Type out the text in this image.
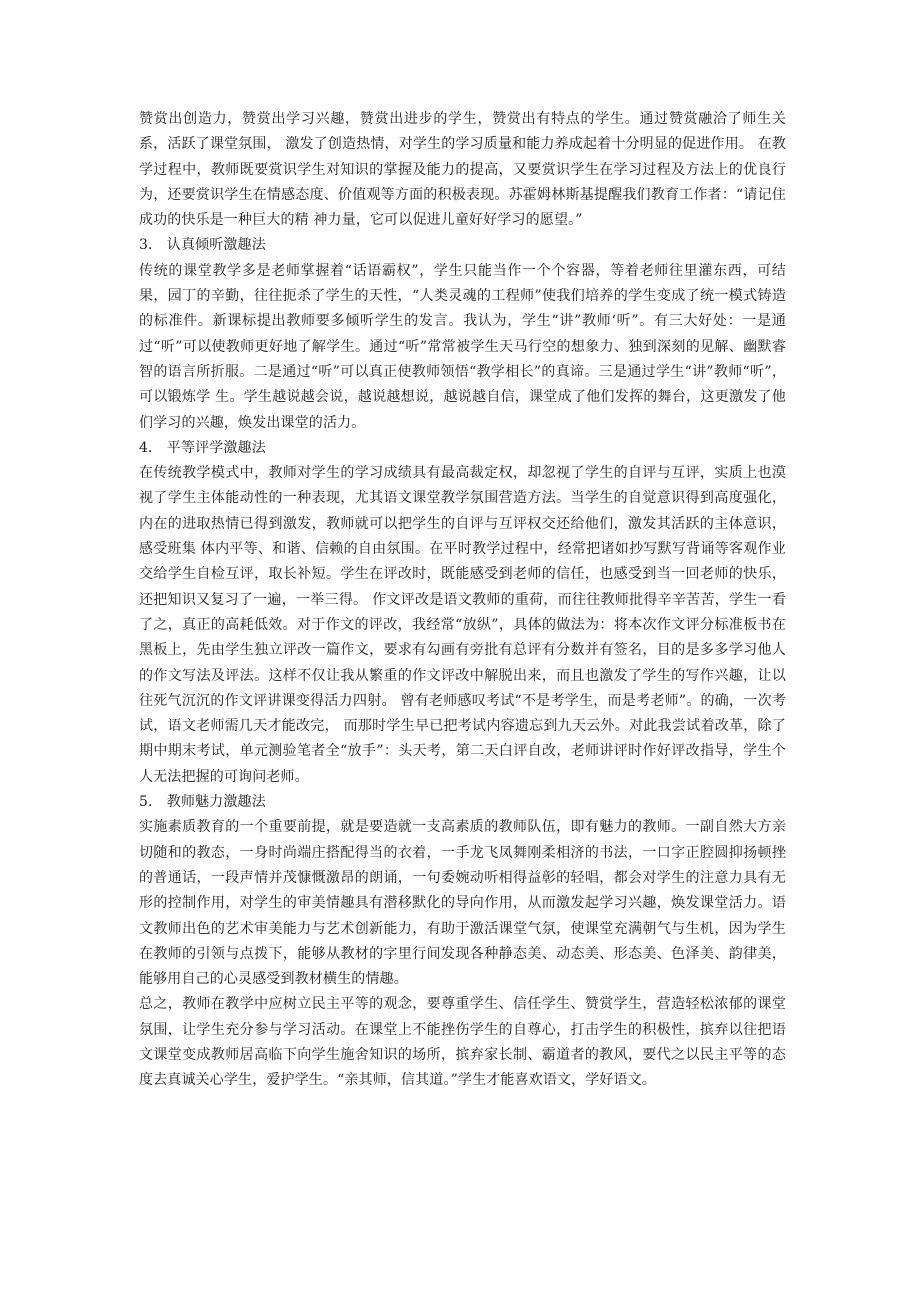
赞赏出创造力，赞赏出学习兴趣，赞赏出进步的学生，赞赏出有特点的学生。通过赞赏融洽了师生关系，活跃了课堂氛围， 激发了创造热情，对学生的学习质量和能力养成起着十分明显的促进作用。 在教学过程中，教师既要赏识学生对知识的掌握及能力的提高，又要赏识学生在学习过程及方法上的优良行为，还要赏识学生在情感态度、价值观等方面的积极表现。苏霍姆林斯基提醒我们教育工作者：“请记住成功的快乐是一种巨大的精 神力量，它可以促进儿童好好学习的愿望。”

3． 认真倾听激趣法

传统的课堂教学多是老师掌握着“话语霸权”，学生只能当作一个个容器，等着老师往里灌东西，可结果，园丁的辛勤，往往扼杀了学生的天性，“人类灵魂的工程师”使我们培养的学生变成了统一模式铸造的标准件。新课标提出教师要多倾听学生的发言。我认为，学生“讲”教师‘听”。有三大好处：一是通过“听”可以使教师更好地了解学生。通过“听”常常被学生天马行空的想象力、独到深刻的见解、幽默睿智的语言所折服。二是通过“听”可以真正使教师领悟“教学相长”的真谛。三是通过学生“讲”教师“听”，可以锻炼学 生。学生越说越会说，越说越想说，越说越自信，课堂成了他们发挥的舞台，这更激发了他们学习的兴趣，焕发出课堂的活力。

4． 平等评学激趣法

在传统教学模式中，教师对学生的学习成绩具有最高裁定权，却忽视了学生的自评与互评，实质上也漠视了学生主体能动性的一种表现，尤其语文课堂教学氛围营造方法。当学生的自觉意识得到高度强化，内在的进取热情已得到激发，教师就可以把学生的自评与互评权交还给他们，激发其活跃的主体意识，感受班集 体内平等、和谐、信赖的自由氛围。在平时教学过程中，经常把诸如抄写默写背诵等客观作业交给学生自检互评，取长补短。学生在评改时，既能感受到老师的信任，也感受到当一回老师的快乐，还把知识又复习了一遍，一举三得。 作文评改是语文教师的重荷，而往往教师批得辛辛苦苦，学生一看了之，真正的高耗低效。对于作文的评改，我经常“放纵”，具体的做法为：将本次作文评分标准板书在黑板上，先由学生独立评改一篇作文，要求有勾画有旁批有总评有分数并有签名，目的是多多学习他人的作文写法及评法。这样不仅让我从繁重的作文评改中解脱出来，而且也激发了学生的写作兴趣，让以往死气沉沉的作文评讲课变得活力四射。 曾有老师感叹考试“不是考学生，而是考老师”。的确，一次考试，语文老师需几天才能改完， 而那时学生早已把考试内容遗忘到九天云外。对此我尝试着改革，除了期中期末考试，单元测验笔者全“放手”：头天考，第二天白评自改，老师讲评时作好评改指导，学生个人无法把握的可询问老师。

5． 教师魅力激趣法

实施素质教育的一个重要前提，就是要造就一支高素质的教师队伍，即有魅力的教师。一副自然大方亲切随和的教态，一身时尚端庄搭配得当的衣着，一手龙飞凤舞刚柔相济的书法，一口字正腔圆抑扬顿挫的普通话，一段声情并茂慷慨激昂的朗诵，一句委婉动听相得益彰的轻唱，都会对学生的注意力具有无形的控制作用，对学生的审美情趣具有潜移默化的导向作用，从而激发起学习兴趣，焕发课堂活力。语文教师出色的艺术审美能力与艺术创新能力，有助于激活课堂气氛，使课堂充满朝气与生机，因为学生在教师的引领与点拨下，能够从教材的字里行间发现各种静态美、动态美、形态美、色泽美、韵律美，能够用自己的心灵感受到教材横生的情趣。

总之，教师在教学中应树立民主平等的观念，要尊重学生、信任学生、赞赏学生，营造轻松浓郁的课堂氛围，让学生充分参与学习活动。在课堂上不能挫伤学生的自尊心，打击学生的积极性，摈弃以往把语文课堂变成教师居高临下向学生施舍知识的场所，摈弃家长制、霸道者的教风，要代之以民主平等的态度去真诚关心学生，爱护学生。“亲其师，信其道。”学生才能喜欢语文，学好语文。
